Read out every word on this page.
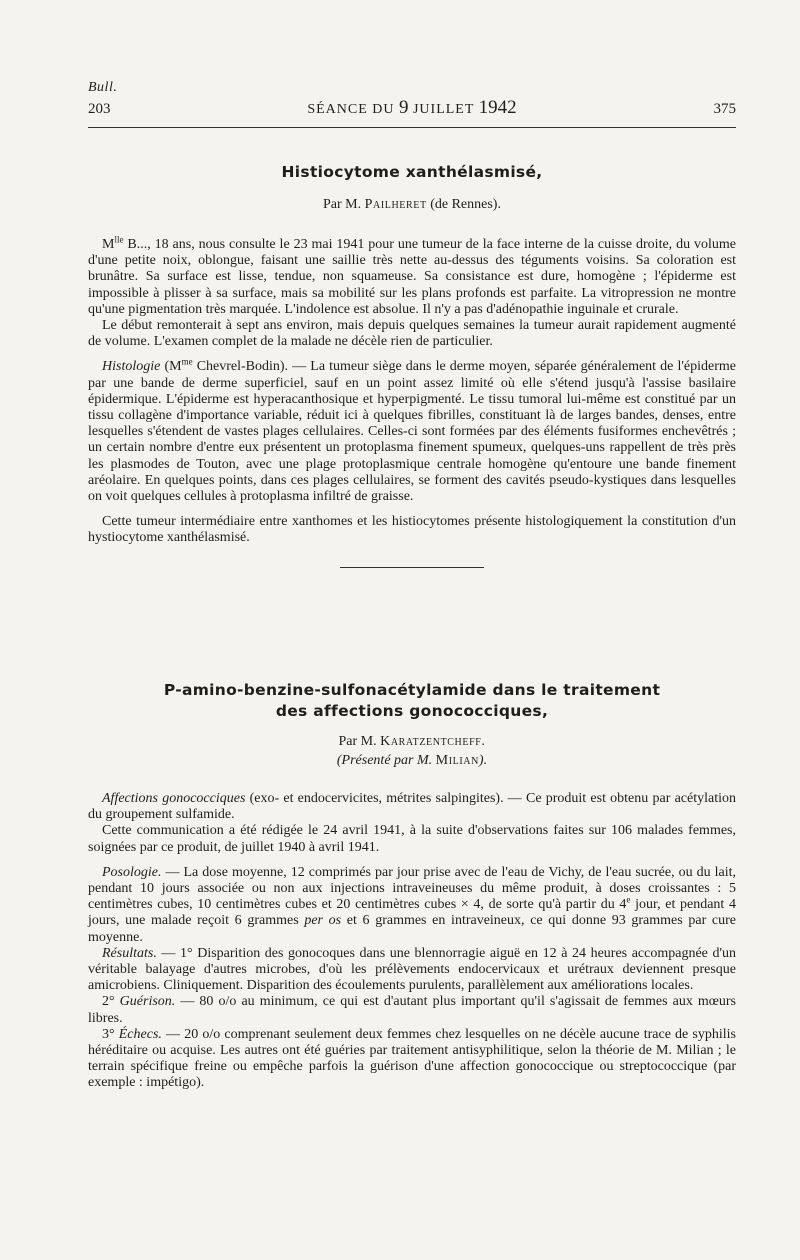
Bull.
203	SÉANCE DU 9 JUILLET 1942	375
Histiocytome xanthélasmisé,
Par M. Pailheret (de Rennes).

$M^{lle}$ B..., 18 ans, nous consulte le 23 mai 1941 pour une tumeur de la face interne de la cuisse droite, du volume d'une petite noix, oblongue, faisant une saillie très nette au-dessus des téguments voisins. Sa coloration est brunâtre. Sa surface est lisse, tendue, non squameuse. Sa consistance est dure, homogène ; l'épiderme est impossible à plisser à sa surface, mais sa mobilité sur les plans profonds est parfaite. La vitropression ne montre qu'une pigmentation très marquée. L'indolence est absolue. Il n'y a pas d'adénopathie inguinale et crurale.

Le début remonterait à sept ans environ, mais depuis quelques semaines la tumeur aurait rapidement augmenté de volume. L'examen complet de la malade ne décèle rien de particulier.

Histologie ($M^{me}$ Chevrel-Bodin). — La tumeur siège dans le derme moyen, séparée généralement de l'épiderme par une bande de derme superficiel, sauf en un point assez limité où elle s'étend jusqu'à l'assise basilaire épidermique. L'épiderme est hyperacanthosique et hyperpigmenté. Le tissu tumoral lui-même est constitué par un tissu collagène d'importance variable, réduit ici à quelques fibrilles, constituant là de larges bandes, denses, entre lesquelles s'étendent de vastes plages cellulaires. Celles-ci sont formées par des éléments fusiformes enchevêtrés ; un certain nombre d'entre eux présentent un protoplasma finement spumeux, quelques-uns rappellent de très près les plasmodes de Touton, avec une plage protoplasmique centrale homogène qu'entoure une bande finement aréolaire. En quelques points, dans ces plages cellulaires, se forment des cavités pseudo-kystiques dans lesquelles on voit quelques cellules à protoplasma infiltré de graisse.

Cette tumeur intermédiaire entre xanthomes et les histiocytomes présente histologiquement la constitution d'un hystiocytome xanthélasmisé.

P-amino-benzine-sulfonacétylamide dans le traitement
des affections gonococciques,
Par M. Karatzentcheff.
(Présenté par M. Milian).

Affections gonococciques (exo- et endocervicites, métrites salpingites). — Ce produit est obtenu par acétylation du groupement sulfamide.

Cette communication a été rédigée le 24 avril 1941, à la suite d'observations faites sur 106 malades femmes, soignées par ce produit, de juillet 1940 à avril 1941.

Posologie. — La dose moyenne, 12 comprimés par jour prise avec de l'eau de Vichy, de l'eau sucrée, ou du lait, pendant 10 jours associée ou non aux injections intraveineuses du même produit, à doses croissantes : 5 centimètres cubes, 10 centimètres cubes et 20 centimètres cubes × 4, de sorte qu'à partir du 4e jour, et pendant 4 jours, une malade reçoit 6 grammes per os et 6 grammes en intraveineux, ce qui donne 93 grammes par cure moyenne.

Résultats. — 1° Disparition des gonocoques dans une blennorragie aiguë en 12 à 24 heures accompagnée d'un véritable balayage d'autres microbes, d'où les prélèvements endocervicaux et urétraux deviennent presque amicrobiens. Cliniquement. Disparition des écoulements purulents, parallèlement aux améliorations locales.

2° Guérison. — 80 o/o au minimum, ce qui est d'autant plus important qu'il s'agissait de femmes aux mœurs libres.

3° Échecs. — 20 o/o comprenant seulement deux femmes chez lesquelles on ne décèle aucune trace de syphilis héréditaire ou acquise. Les autres ont été guéries par traitement antisyphilitique, selon la théorie de M. Milian ; le terrain spécifique freine ou empêche parfois la guérison d'une affection gonococcique ou streptococcique (par exemple : impétigo).
